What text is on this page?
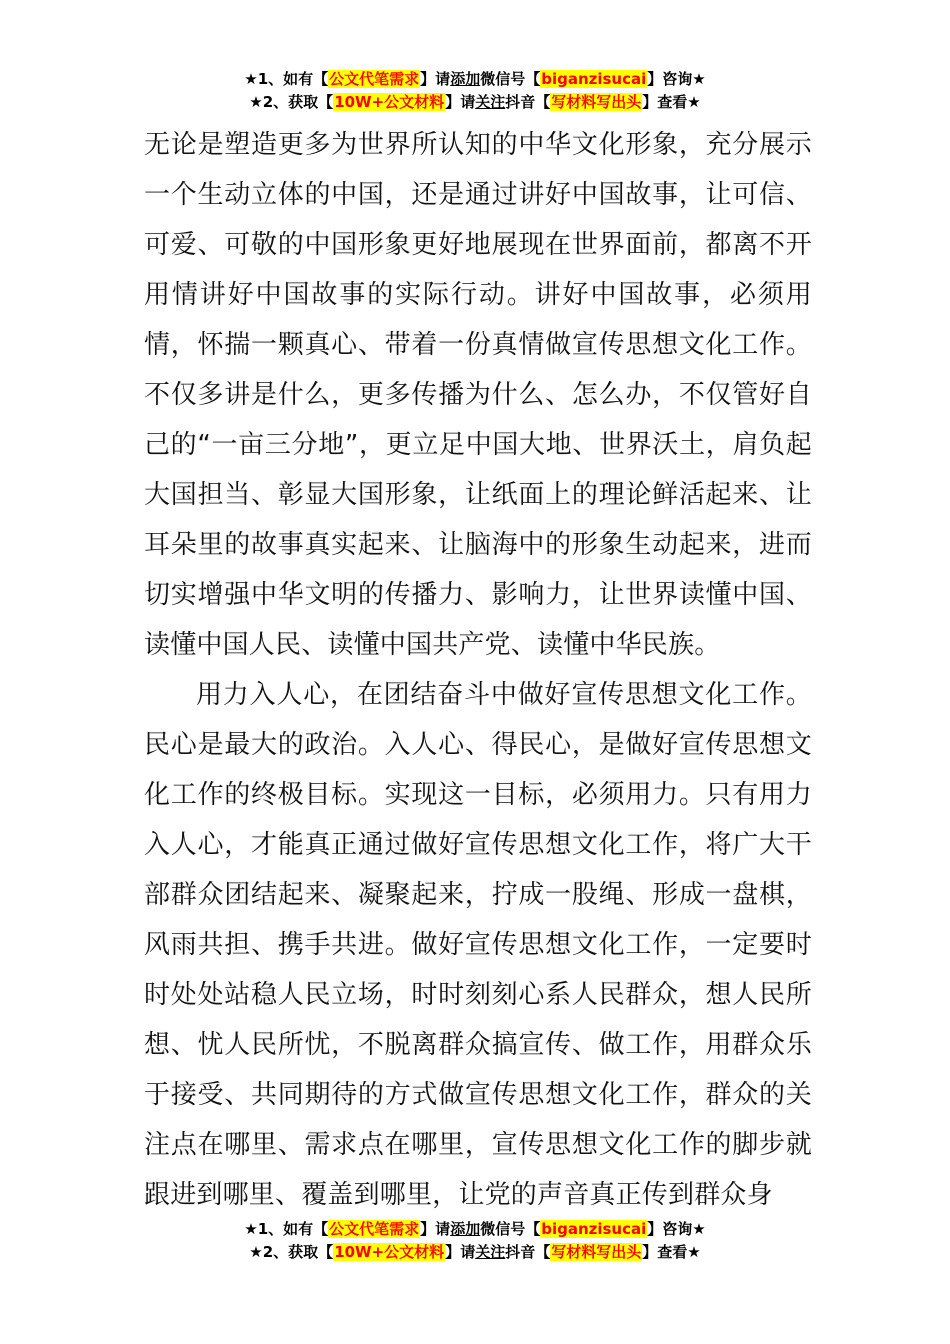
★1、如有【公文代笔需求】请添加微信号【biganzisucai】咨询★
★2、获取【10W+公文材料】请关注抖音【写材料写出头】查看★

无论是塑造更多为世界所认知的中华文化形象，充分展示一个生动立体的中国，还是通过讲好中国故事，让可信、可爱、可敬的中国形象更好地展现在世界面前，都离不开用情讲好中国故事的实际行动。讲好中国故事，必须用情，怀揣一颗真心、带着一份真情做宣传思想文化工作。不仅多讲是什么，更多传播为什么、怎么办，不仅管好自己的“一亩三分地”，更立足中国大地、世界沃土，肩负起大国担当、彰显大国形象，让纸面上的理论鲜活起来、让耳朵里的故事真实起来、让脑海中的形象生动起来，进而切实增强中华文明的传播力、影响力，让世界读懂中国、读懂中国人民、读懂中国共产党、读懂中华民族。

用力入人心，在团结奋斗中做好宣传思想文化工作。民心是最大的政治。入人心、得民心，是做好宣传思想文化工作的终极目标。实现这一目标，必须用力。只有用力入人心，才能真正通过做好宣传思想文化工作，将广大干部群众团结起来、凝聚起来，拧成一股绳、形成一盘棋，风雨共担、携手共进。做好宣传思想文化工作，一定要时时处处站稳人民立场，时时刻刻心系人民群众，想人民所想、忧人民所忧，不脱离群众搞宣传、做工作，用群众乐于接受、共同期待的方式做宣传思想文化工作，群众的关注点在哪里、需求点在哪里，宣传思想文化工作的脚步就跟进到哪里、覆盖到哪里，让党的声音真正传到群众身

★1、如有【公文代笔需求】请添加微信号【biganzisucai】咨询★
★2、获取【10W+公文材料】请关注抖音【写材料写出头】查看★
